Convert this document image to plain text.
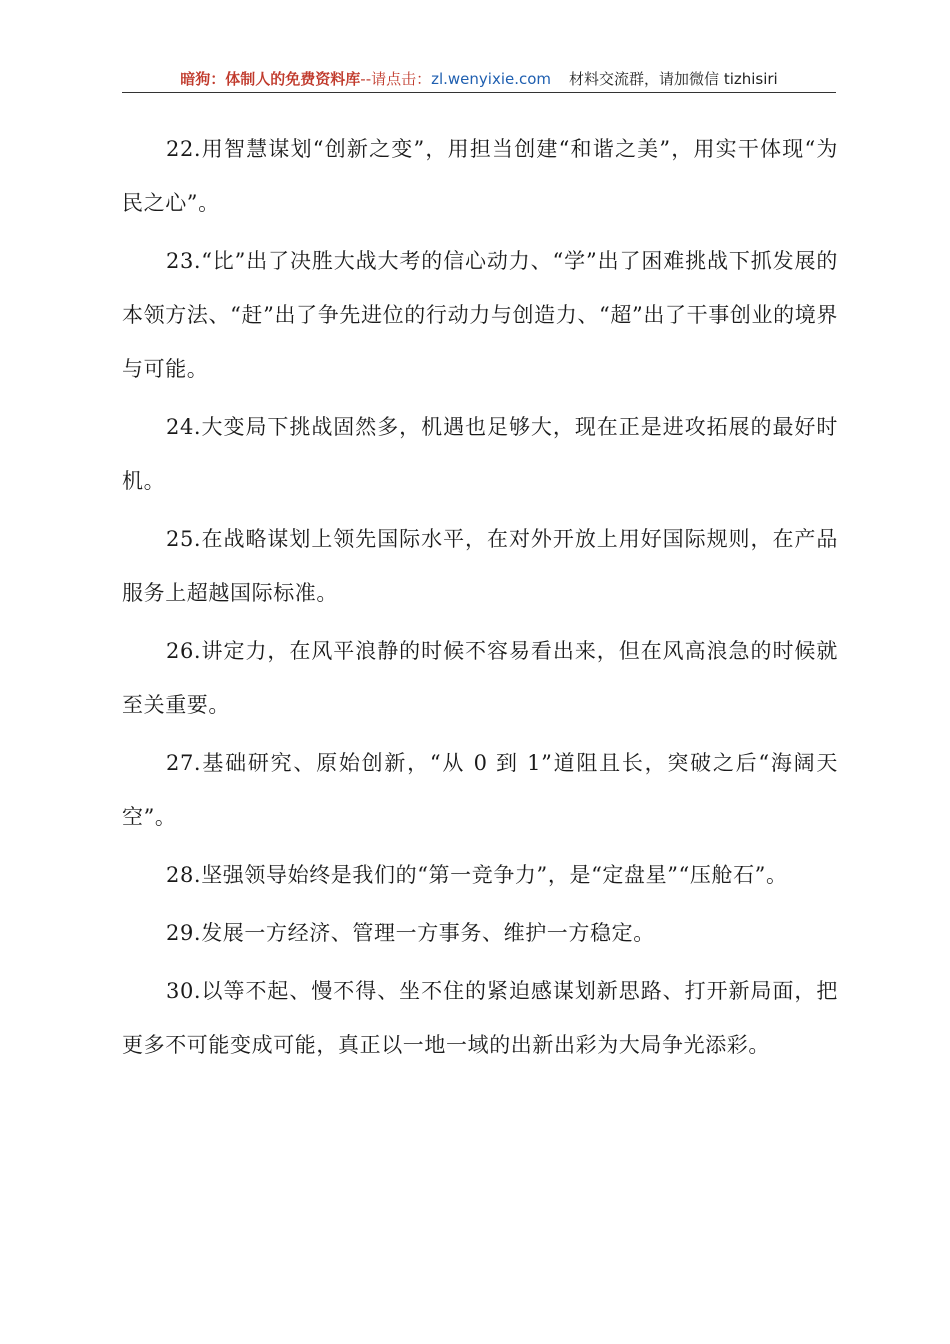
暗狗：体制人的免费资料库--请点击：zl.wenyixie.com 材料交流群，请加微信 tizhisiri

22.用智慧谋划“创新之变”，用担当创建“和谐之美”，用实干体现“为民之心”。

23.“比”出了决胜大战大考的信心动力、“学”出了困难挑战下抓发展的本领方法、“赶”出了争先进位的行动力与创造力、“超”出了干事创业的境界与可能。

24.大变局下挑战固然多，机遇也足够大，现在正是进攻拓展的最好时机。

25.在战略谋划上领先国际水平，在对外开放上用好国际规则，在产品服务上超越国际标准。

26.讲定力，在风平浪静的时候不容易看出来，但在风高浪急的时候就至关重要。

27.基础研究、原始创新，“从 0 到 1”道阻且长，突破之后“海阔天空”。

28.坚强领导始终是我们的“第一竞争力”，是“定盘星”“压舱石”。

29.发展一方经济、管理一方事务、维护一方稳定。

30.以等不起、慢不得、坐不住的紧迫感谋划新思路、打开新局面，把更多不可能变成可能，真正以一地一域的出新出彩为大局争光添彩。
